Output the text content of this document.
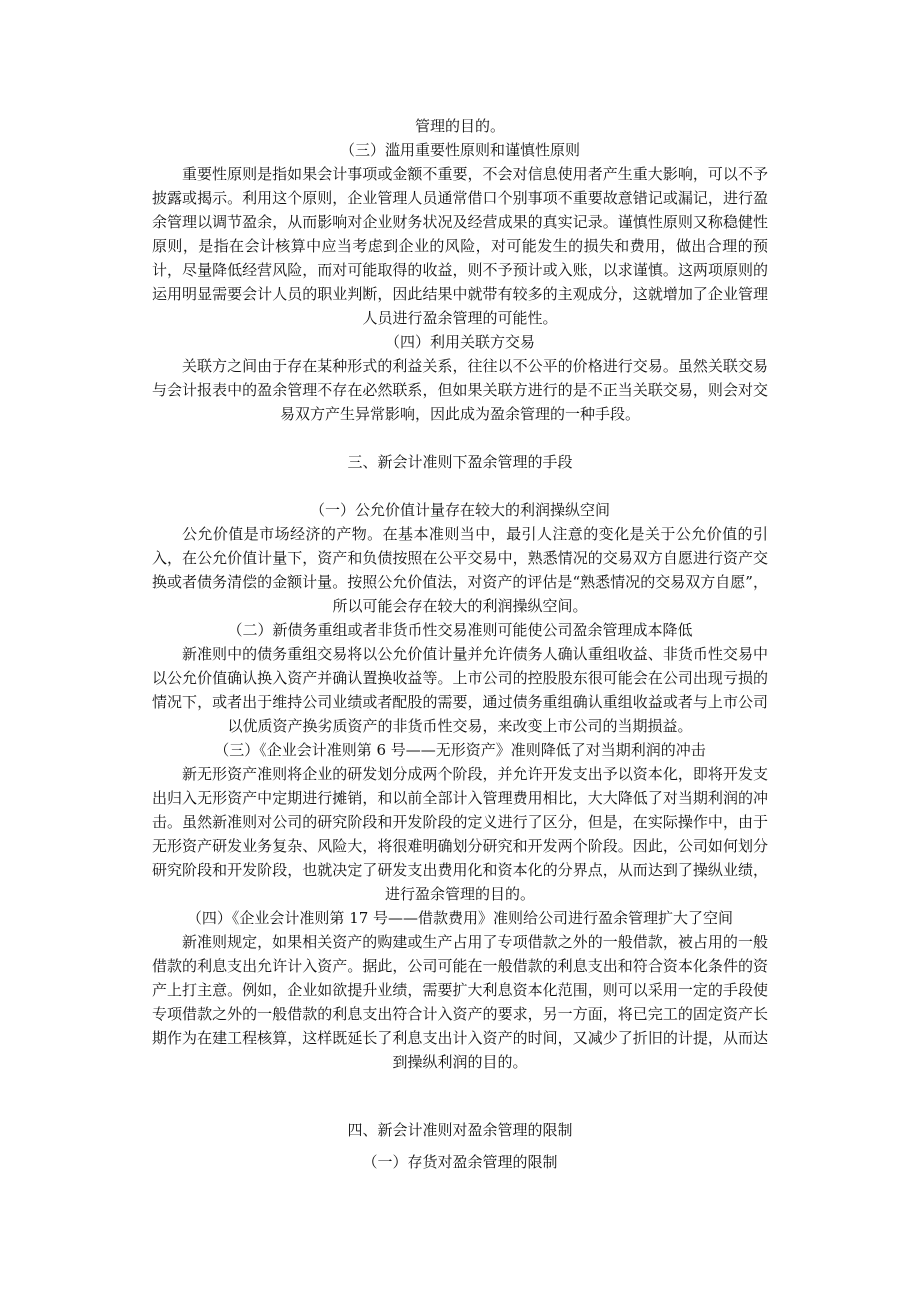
管理的目的。
（三）滥用重要性原则和谨慎性原则
重要性原则是指如果会计事项或金额不重要，不会对信息使用者产生重大影响，可以不予披露或揭示。利用这个原则，企业管理人员通常借口个别事项不重要故意错记或漏记，进行盈余管理以调节盈余，从而影响对企业财务状况及经营成果的真实记录。谨慎性原则又称稳健性原则，是指在会计核算中应当考虑到企业的风险，对可能发生的损失和费用，做出合理的预计，尽量降低经营风险，而对可能取得的收益，则不予预计或入账，以求谨慎。这两项原则的运用明显需要会计人员的职业判断，因此结果中就带有较多的主观成分，这就增加了企业管理人员进行盈余管理的可能性。
（四）利用关联方交易
关联方之间由于存在某种形式的利益关系，往往以不公平的价格进行交易。虽然关联交易与会计报表中的盈余管理不存在必然联系，但如果关联方进行的是不正当关联交易，则会对交易双方产生异常影响，因此成为盈余管理的一种手段。
三、新会计准则下盈余管理的手段
（一）公允价值计量存在较大的利润操纵空间
公允价值是市场经济的产物。在基本准则当中，最引人注意的变化是关于公允价值的引入，在公允价值计量下，资产和负债按照在公平交易中，熟悉情况的交易双方自愿进行资产交换或者债务清偿的金额计量。按照公允价值法，对资产的评估是“熟悉情况的交易双方自愿”，所以可能会存在较大的利润操纵空间。
（二）新债务重组或者非货币性交易准则可能使公司盈余管理成本降低
新准则中的债务重组交易将以公允价值计量并允许债务人确认重组收益、非货币性交易中以公允价值确认换入资产并确认置换收益等。上市公司的控股股东很可能会在公司出现亏损的情况下，或者出于维持公司业绩或者配股的需要，通过债务重组确认重组收益或者与上市公司以优质资产换劣质资产的非货币性交易，来改变上市公司的当期损益。
（三）《企业会计准则第 6 号——无形资产》准则降低了对当期利润的冲击
新无形资产准则将企业的研发划分成两个阶段，并允许开发支出予以资本化，即将开发支出归入无形资产中定期进行摊销，和以前全部计入管理费用相比，大大降低了对当期利润的冲击。虽然新准则对公司的研究阶段和开发阶段的定义进行了区分，但是，在实际操作中，由于无形资产研发业务复杂、风险大，将很难明确划分研究和开发两个阶段。因此，公司如何划分研究阶段和开发阶段，也就决定了研发支出费用化和资本化的分界点，从而达到了操纵业绩，进行盈余管理的目的。
（四）《企业会计准则第 17 号——借款费用》准则给公司进行盈余管理扩大了空间
新准则规定，如果相关资产的购建或生产占用了专项借款之外的一般借款，被占用的一般借款的利息支出允许计入资产。据此，公司可能在一般借款的利息支出和符合资本化条件的资产上打主意。例如，企业如欲提升业绩，需要扩大利息资本化范围，则可以采用一定的手段使专项借款之外的一般借款的利息支出符合计入资产的要求，另一方面，将已完工的固定资产长期作为在建工程核算，这样既延长了利息支出计入资产的时间，又减少了折旧的计提，从而达到操纵利润的目的。
四、新会计准则对盈余管理的限制
（一）存货对盈余管理的限制
